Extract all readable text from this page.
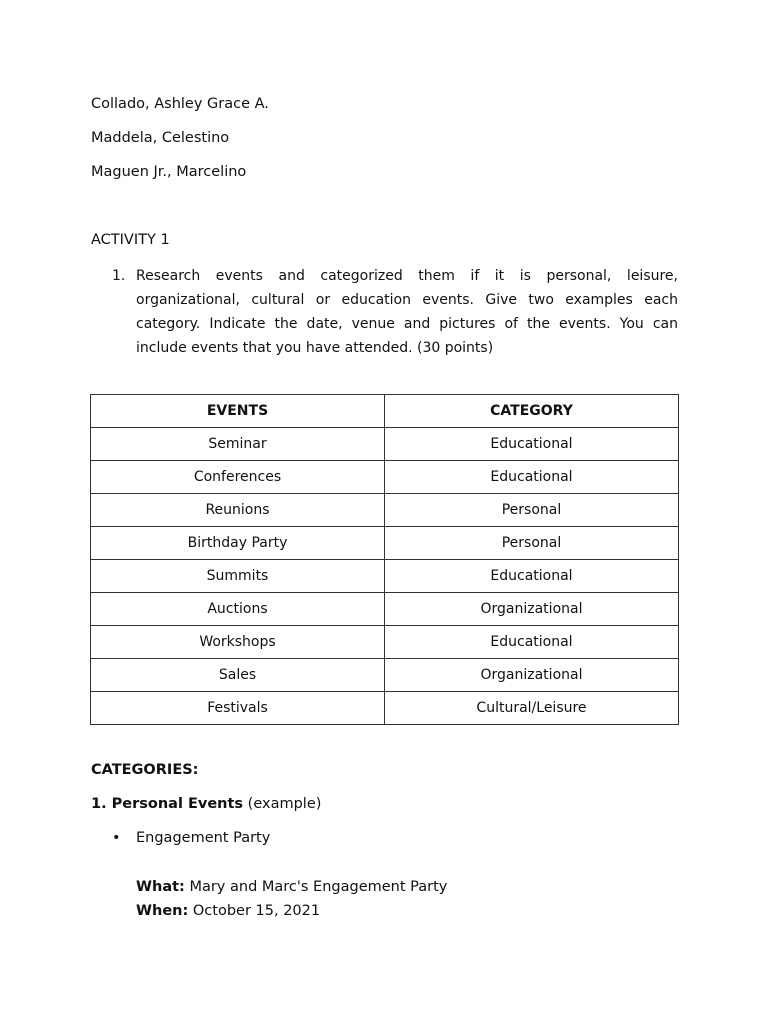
Collado, Ashley Grace A.
Maddela, Celestino
Maguen Jr., Marcelino
ACTIVITY 1
1. Research events and categorized them if it is personal, leisure, organizational, cultural or education events. Give two examples each category. Indicate the date, venue and pictures of the events. You can include events that you have attended. (30 points)
EVENTS	CATEGORY
Seminar	Educational
Conferences	Educational
Reunions	Personal
Birthday Party	Personal
Summits	Educational
Auctions	Organizational
Workshops	Educational
Sales	Organizational
Festivals	Cultural/Leisure
CATEGORIES:
1. Personal Events (example)
• Engagement Party
What: Mary and Marc's Engagement Party
When: October 15, 2021
